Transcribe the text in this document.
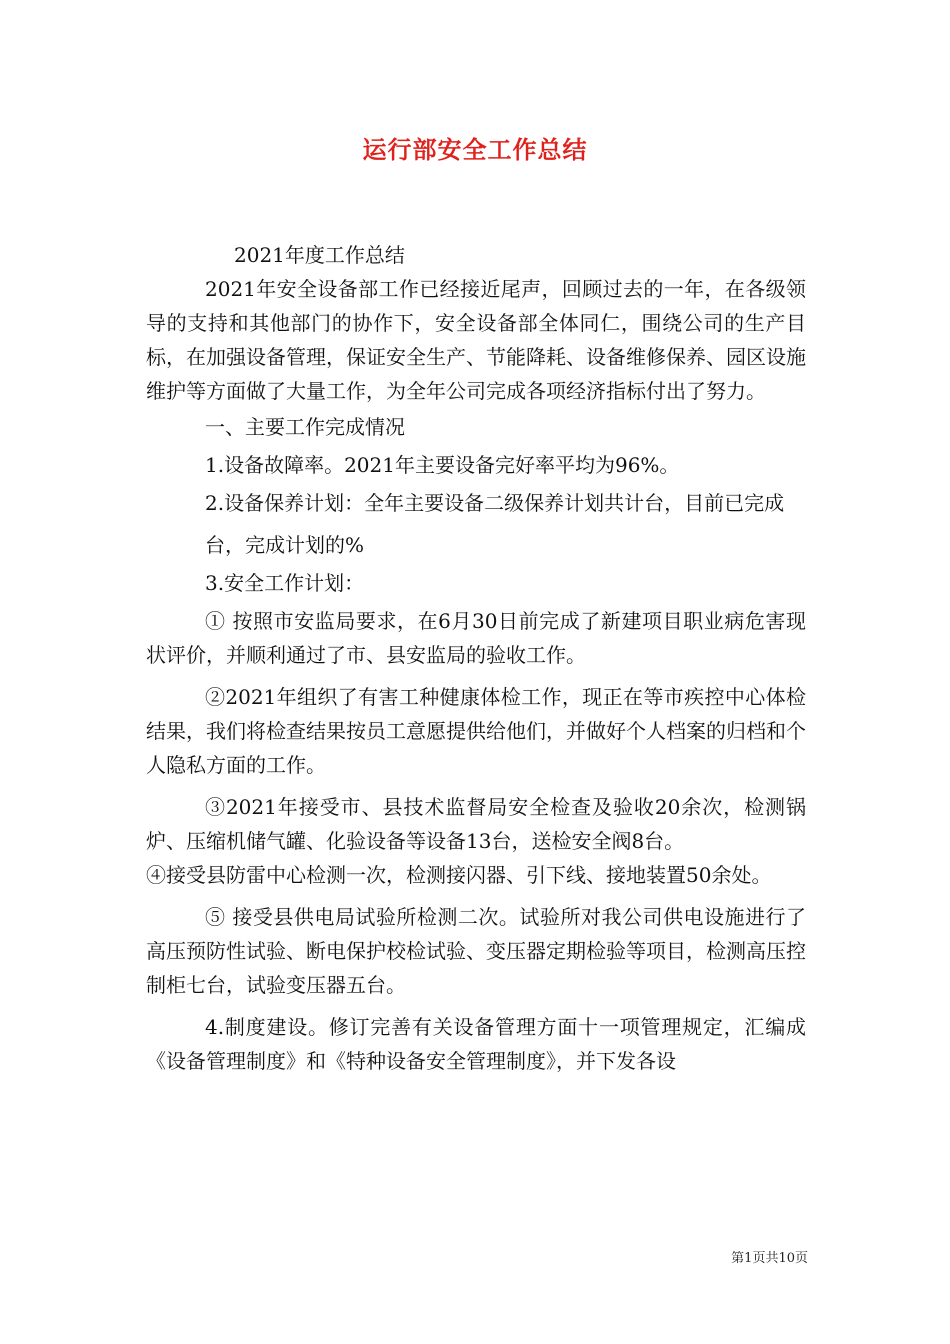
运行部安全工作总结

2021年度工作总结

2021年安全设备部工作已经接近尾声，回顾过去的一年，在各级领导的支持和其他部门的协作下，安全设备部全体同仁，围绕公司的生产目标，在加强设备管理，保证安全生产、节能降耗、设备维修保养、园区设施维护等方面做了大量工作，为全年公司完成各项经济指标付出了努力。

一、主要工作完成情况

1.设备故障率。2021年主要设备完好率平均为96%。

2.设备保养计划：全年主要设备二级保养计划共计台，目前已完成

台，完成计划的%

3.安全工作计划：

① 按照市安监局要求，在6月30日前完成了新建项目职业病危害现状评价，并顺利通过了市、县安监局的验收工作。

②2021年组织了有害工种健康体检工作，现正在等市疾控中心体检结果，我们将检查结果按员工意愿提供给他们，并做好个人档案的归档和个人隐私方面的工作。

③2021年接受市、县技术监督局安全检查及验收20余次，检测锅炉、压缩机储气罐、化验设备等设备13台，送检安全阀8台。

④接受县防雷中心检测一次，检测接闪器、引下线、接地装置50余处。

⑤ 接受县供电局试验所检测二次。试验所对我公司供电设施进行了高压预防性试验、断电保护校检试验、变压器定期检验等项目，检测高压控制柜七台，试验变压器五台。

4.制度建设。修订完善有关设备管理方面十一项管理规定，汇编成《设备管理制度》和《特种设备安全管理制度》，并下发各设

第1页共10页
